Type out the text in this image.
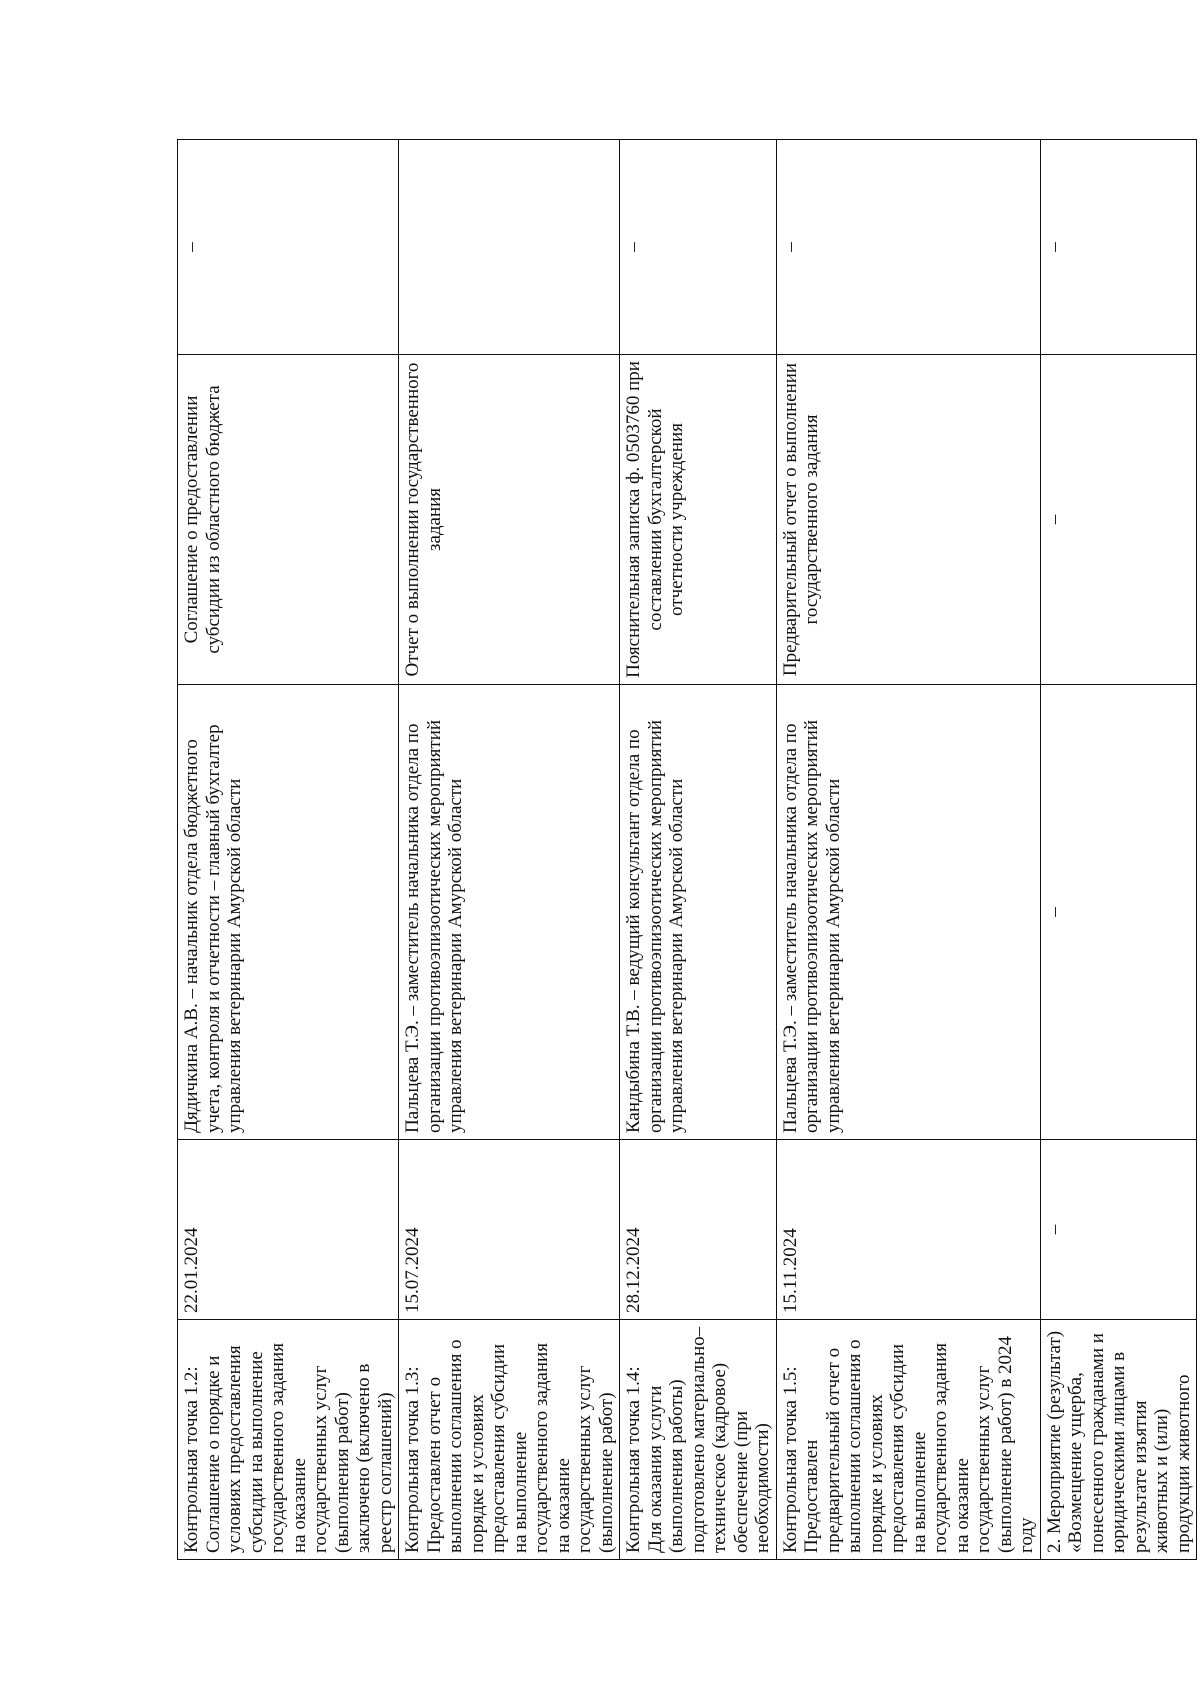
Контрольная точка 1.2:
Соглашение о порядке и условиях предоставления субсидии на выполнение государственного задания на оказание государственных услуг (выполнения работ) заключено (включено в реестр соглашений)	22.01.2024	Дядичкина А.В. – начальник отдела бюджетного учета, контроля и отчетности – главный бухгалтер управления ветеринарии Амурской области	Соглашение о предоставлении субсидии из областного бюджета	–

Контрольная точка 1.3:
Предоставлен отчет о выполнении соглашения о порядке и условиях предоставления субсидии на выполнение государственного задания на оказание государственных услуг (выполнение работ)	15.07.2024	Пальцева Т.Э. – заместитель начальника отдела по организации противоэпизоотических мероприятий управления ветеринарии Амурской области	Отчет о выполнении государственного задания	

Контрольная точка 1.4:
Для оказания услуги (выполнения работы) подготовлено материально–техническое (кадровое) обеспечение (при необходимости)	28.12.2024	Кандыбина Т.В. – ведущий консультант отдела по организации противоэпизоотических мероприятий управления ветеринарии Амурской области	Пояснительная записка ф. 0503760 при составлении бухгалтерской отчетности учреждения	–

Контрольная точка 1.5:
Предоставлен предварительный отчет о выполнении соглашения о порядке и условиях предоставления субсидии на выполнение государственного задания на оказание государственных услуг (выполнение работ) в 2024 году	15.11.2024	Пальцева Т.Э. – заместитель начальника отдела по организации противоэпизоотических мероприятий управления ветеринарии Амурской области	Предварительный отчет о выполнении государственного задания	–

2. Мероприятие (результат) «Возмещение ущерба, понесенного гражданами и юридическими лицами в результате изъятия животных и (или) продукции животного	–	–	–	–
